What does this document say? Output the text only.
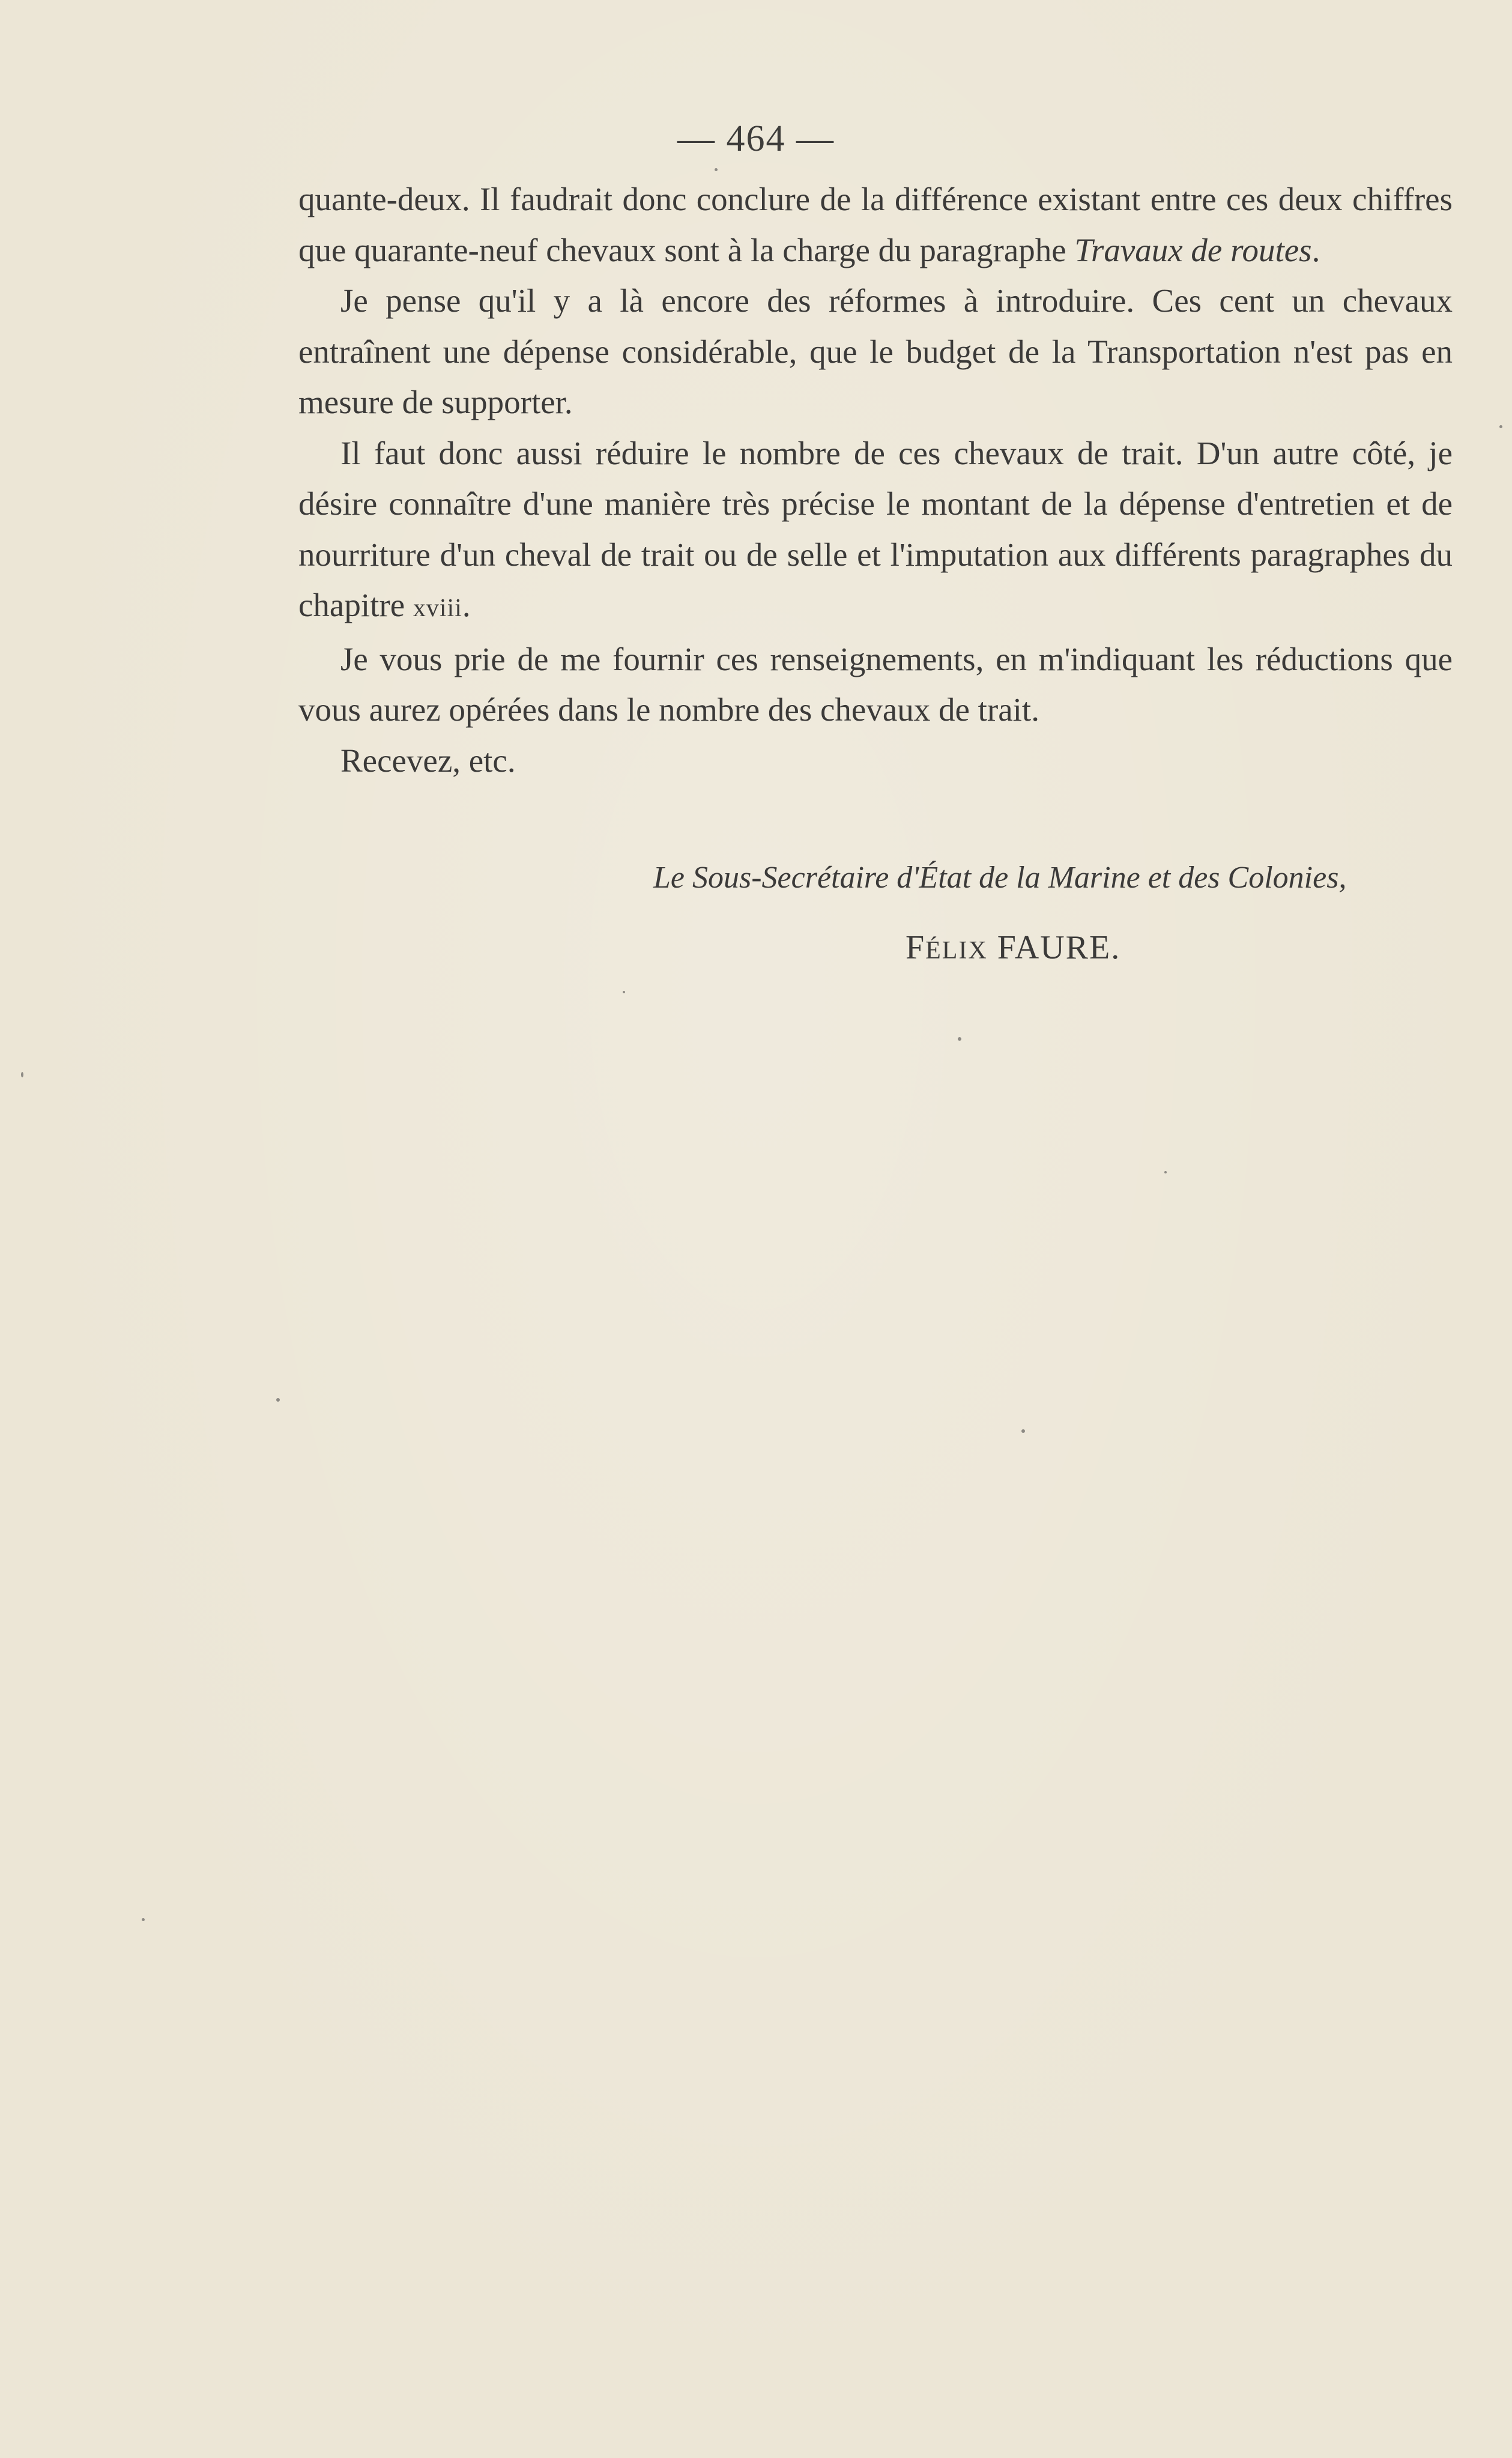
— 464 —

quante-deux. Il faudrait donc conclure de la différence existant entre ces deux chiffres que quarante-neuf chevaux sont à la charge du paragraphe Travaux de routes.

Je pense qu'il y a là encore des réformes à introduire. Ces cent un chevaux entraînent une dépense considérable, que le budget de la Transportation n'est pas en mesure de supporter.

Il faut donc aussi réduire le nombre de ces chevaux de trait. D'un autre côté, je désire connaître d'une manière très précise le montant de la dépense d'entretien et de nourriture d'un cheval de trait ou de selle et l'imputation aux différents paragraphes du chapitre xviii.

Je vous prie de me fournir ces renseignements, en m'indiquant les réductions que vous aurez opérées dans le nombre des chevaux de trait.

Recevez, etc.

Le Sous-Secrétaire d'État de la Marine et des Colonies,
FÉLIX FAURE.
